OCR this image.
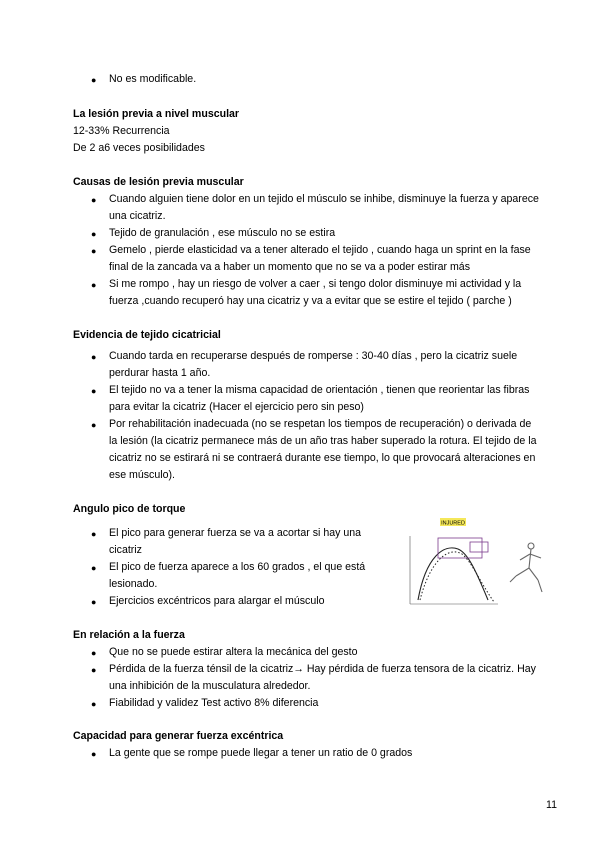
● No es modificable.
La lesión previa a nivel muscular
12-33% Recurrencia
De 2 a6 veces posibilidades
Causas de lesión previa muscular
● Cuando alguien tiene dolor en un tejido el músculo se inhibe, disminuye la fuerza y aparece
una cicatriz.
● Tejido de granulación , ese músculo no se estira
● Gemelo , pierde elasticidad va a tener alterado el tejido , cuando haga un sprint en la fase
final de la zancada va a haber un momento que no se va a poder estirar más
● Si me rompo , hay un riesgo de volver a caer , si tengo dolor disminuye mi actividad y la
fuerza ,cuando recuperó hay una cicatriz y va a evitar que se estire el tejido ( parche )
Evidencia de tejido cicatricial
● Cuando tarda en recuperarse después de romperse : 30-40 días , pero la cicatriz suele
perdurar hasta 1 año.
● El tejido no va a tener la misma capacidad de orientación , tienen que reorientar las fibras
para evitar la cicatriz (Hacer el ejercicio pero sin peso)
● Por rehabilitación inadecuada (no se respetan los tiempos de recuperación) o derivada de
la lesión (la cicatriz permanece más de un año tras haber superado la rotura. El tejido de la
cicatriz no se estirará ni se contraerá durante ese tiempo, lo que provocará alteraciones en
ese músculo).
Angulo pico de torque
● El pico para generar fuerza se va a acortar si hay una
cicatriz
● El pico de fuerza aparece a los 60 grados , el que está
lesionado.
● Ejercicios excéntricos para alargar el músculo
INJURED
En relación a la fuerza
● Que no se puede estirar altera la mecánica del gesto
● Pérdida de la fuerza ténsil de la cicatriz→ Hay pérdida de fuerza tensora de la cicatriz. Hay
una inhibición de la musculatura alrededor.
● Fiabilidad y validez Test activo 8% diferencia
Capacidad para generar fuerza excéntrica
● La gente que se rompe puede llegar a tener un ratio de 0 grados
11
